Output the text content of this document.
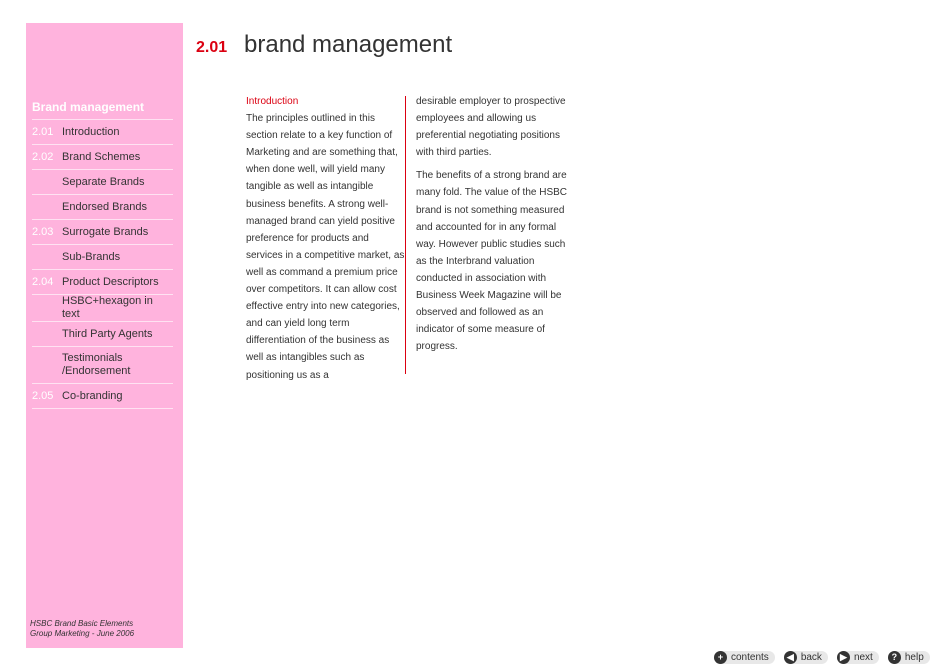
Brand management
2.01 Introduction
2.02 Brand Schemes
Separate Brands
Endorsed Brands
2.03 Surrogate Brands
Sub-Brands
2.04 Product Descriptors
HSBC+hexagon in text
Third Party Agents
Testimonials /Endorsement
2.05 Co-branding
HSBC Brand Basic Elements
Group Marketing - June 2006
2.01 brand management
Introduction

The principles outlined in this section relate to a key function of Marketing and are something that, when done well, will yield many tangible as well as intangible business benefits. A strong well-managed brand can yield positive preference for products and services in a competitive market, as well as command a premium price over competitors. It can allow cost effective entry into new categories, and can yield long term differentiation of the business as well as intangibles such as positioning us as a

desirable employer to prospective employees and allowing us preferential negotiating positions with third parties.

The benefits of a strong brand are many fold. The value of the HSBC brand is not something measured and accounted for in any formal way. However public studies such as the Interbrand valuation conducted in association with Business Week Magazine will be observed and followed as an indicator of some measure of progress.

+ contents	◀ back	▶ next	? help
